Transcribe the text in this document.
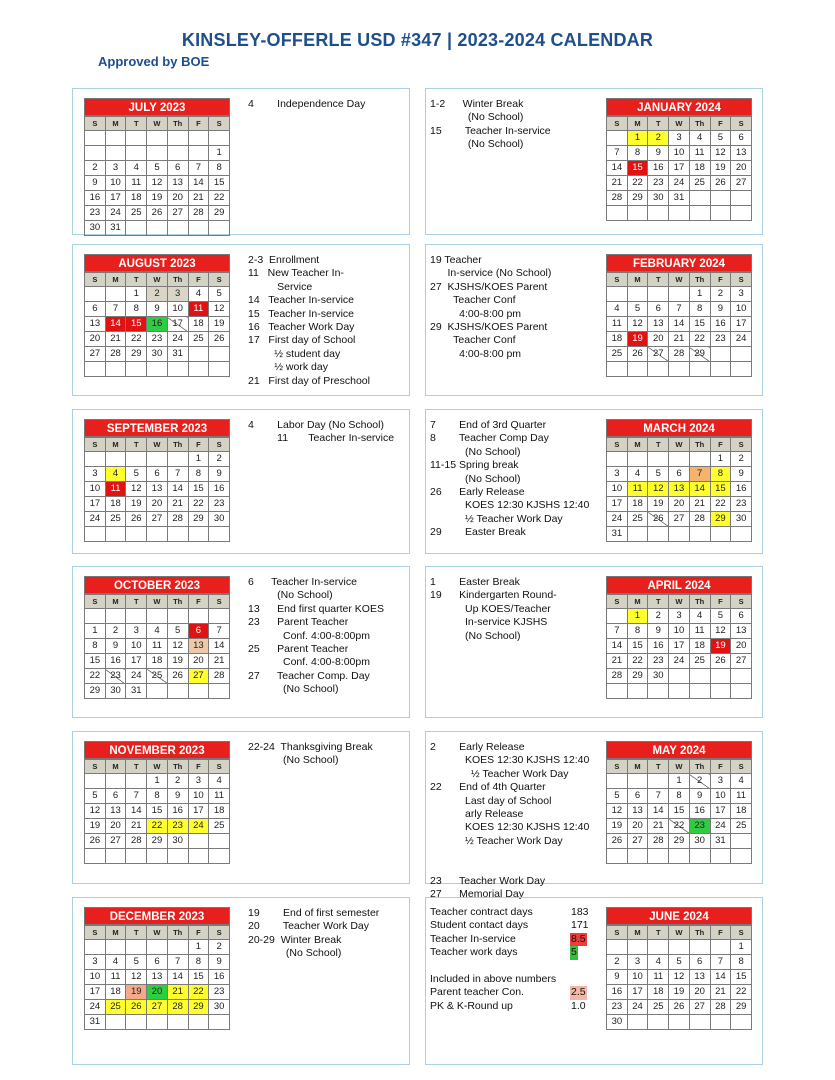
KINSLEY-OFFERLE USD #347 | 2023-2024 CALENDAR
Approved by BOE
JULY 2023
S	M	T	W	Th	F	S

						1
2	3	4	5	6	7	8
9	10	11	12	13	14	15
16	17	18	19	20	21	22
23	24	25	26	27	28	29
30	31					
JANUARY 2024
S	M	T	W	Th	F	S
	1	2	3	4	5	6
7	8	9	10	11	12	13
14	15	16	17	18	19	20
21	22	23	24	25	26	27
28	29	30	31			

4        Independence Day	1-2      Winter Break
(No School)
15        Teacher In-service
(No School)
AUGUST 2023
S	M	T	W	Th	F	S
		1	2	3	4	5
6	7	8	9	10	11	12
13	14	15	16	17	18	19
20	21	22	23	24	25	26
27	28	29	30	31		

FEBRUARY 2024
S	M	T	W	Th	F	S
				1	2	3
4	5	6	7	8	9	10
11	12	13	14	15	16	17
18	19	20	21	22	23	24
25	26	27	28	29		

2-3  Enrollment
11   New Teacher In-
Service
14   Teacher In-service
15   Teacher In-service
16   Teacher Work Day
17   First day of School
½ student day
½ work day
21   First day of Preschool
19 Teacher
In-service (No School)
27  KJSHS/KOES Parent
Teacher Conf
4:00-8:00 pm
29  KJSHS/KOES Parent
Teacher Conf
4:00-8:00 pm
SEPTEMBER 2023
S	M	T	W	Th	F	S
					1	2
3	4	5	6	7	8	9
10	11	12	13	14	15	16
17	18	19	20	21	22	23
24	25	26	27	28	29	30

MARCH 2024
S	M	T	W	Th	F	S
					1	2
3	4	5	6	7	8	9
10	11	12	13	14	15	16
17	18	19	20	21	22	23
24	25	26	27	28	29	30
31						
4        Labor Day (No School)
11       Teacher In-service
7        End of 3rd Quarter
8        Teacher Comp Day
(No School)
11-15 Spring break
(No School)
26      Early Release
KOES 12:30 KJSHS 12:40
½ Teacher Work Day
29        Easter Break
OCTOBER 2023
S	M	T	W	Th	F	S

1	2	3	4	5	6	7
8	9	10	11	12	13	14
15	16	17	18	19	20	21
22	23	24	25	26	27	28
29	30	31				
APRIL 2024
S	M	T	W	Th	F	S
	1	2	3	4	5	6
7	8	9	10	11	12	13
14	15	16	17	18	19	20
21	22	23	24	25	26	27
28	29	30				

6      Teacher In-service
(No School)
13      End first quarter KOES
23      Parent Teacher
Conf. 4:00-8:00pm
25      Parent Teacher
Conf. 4:00-8:00pm
27      Teacher Comp. Day
(No School)
1        Easter Break
19      Kindergarten Round-
Up KOES/Teacher
In-service KJSHS
(No School)
NOVEMBER 2023
S	M	T	W	Th	F	S
			1	2	3	4
5	6	7	8	9	10	11
12	13	14	15	16	17	18
19	20	21	22	23	24	25
26	27	28	29	30		

MAY 2024
S	M	T	W	Th	F	S
			1	2	3	4
5	6	7	8	9	10	11
12	13	14	15	16	17	18
19	20	21	22	23	24	25
26	27	28	29	30	31	

22-24  Thanksgiving Break
(No School)
2        Early Release
KOES 12:30 KJSHS 12:40
½ Teacher Work Day
22      End of 4th Quarter
Last day of School
arly Release
KOES 12:30 KJSHS 12:40
½ Teacher Work Day

23      Teacher Work Day
27      Memorial Day
DECEMBER 2023
S	M	T	W	Th	F	S
					1	2
3	4	5	6	7	8	9
10	11	12	13	14	15	16
17	18	19	20	21	22	23
24	25	26	27	28	29	30
31						
JUNE 2024
S	M	T	W	Th	F	S
						1
2	3	4	5	6	7	8
9	10	11	12	13	14	15
16	17	18	19	20	21	22
23	24	25	26	27	28	29
30						
19        End of first semester
20        Teacher Work Day
20-29  Winter Break
(No School)
Teacher contract days	183
Student contact days	171
Teacher In-service	8.5
Teacher work days	5
Included in above numbers
Parent teacher Con.	2.5
PK & K-Round up	1.0
